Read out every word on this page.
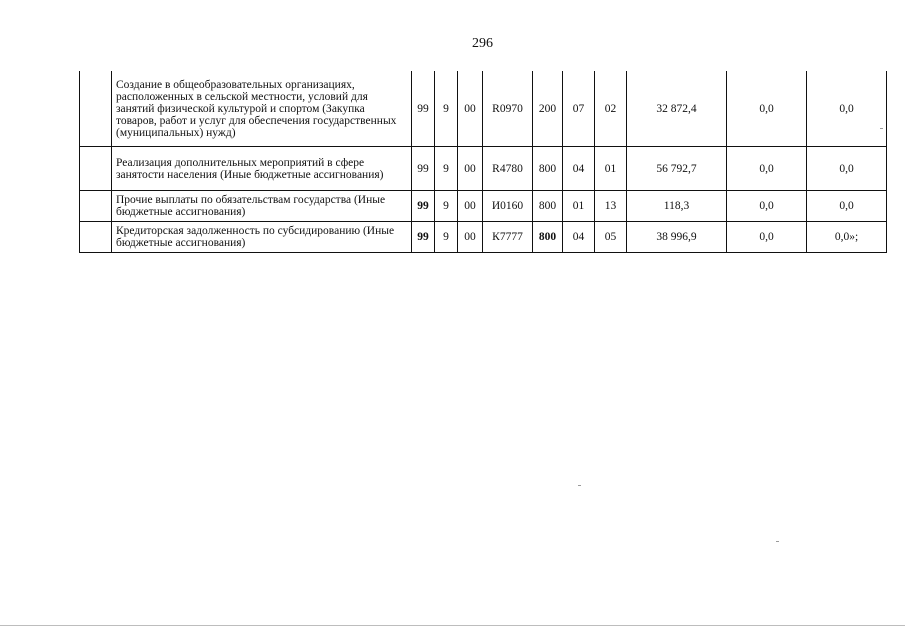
296
	Создание в общеобразовательных организациях, расположенных в сельской местности, условий для занятий физической культурой и спортом (Закупка товаров, работ и услуг для обеспечения государственных (муниципальных) нужд)	99	9	00	R0970	200	07	02	32 872,4	0,0	0,0
	Реализация дополнительных мероприятий в сфере занятости населения (Иные бюджетные ассигнования)	99	9	00	R4780	800	04	01	56 792,7	0,0	0,0
	Прочие выплаты по обязательствам государства (Иные бюджетные ассигнования)	99	9	00	И0160	800	01	13	118,3	0,0	0,0
	Кредиторская задолженность по субсидированию (Иные бюджетные ассигнования)	99	9	00	К7777	800	04	05	38 996,9	0,0	0,0»;
